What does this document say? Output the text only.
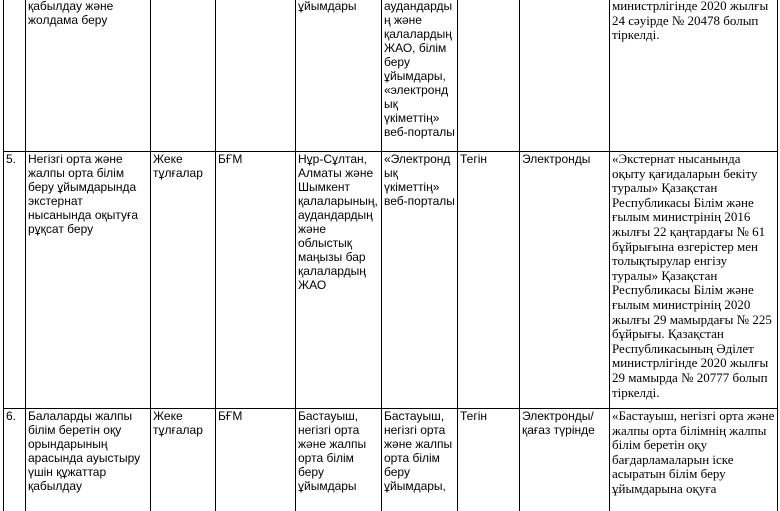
	қабылдау және жолдама беру			ұйымдары	аудандардың және қалалардың ЖАО, білім беру ұйымдары, «электрондық үкіметтің» веб-порталы			министрлігінде 2020 жылғы 24 сәуірде № 20478 болып тіркелді.
5.	Негізгі орта және жалпы орта білім беру ұйымдарында экстернат нысанында оқытуға рұқсат беру	Жеке тұлғалар	БҒМ	Нұр-Сұлтан, Алматы және Шымкент қалаларының, аудандардың және облыстық маңызы бар қалалардың ЖАО	«Электрондық үкіметтің» веб-порталы	Тегін	Электронды	«Экстернат нысанында оқыту қағидаларын бекіту туралы» Қазақстан Республикасы Білім және ғылым министрінің 2016 жылғы 22 қаңтардағы № 61 бұйрығына өзгерістер мен толықтырулар енгізу туралы» Қазақстан Республикасы Білім және ғылым министрінің 2020 жылғы 29 мамырдағы № 225 бұйрығы. Қазақстан Республикасының Әділет министрлігінде 2020 жылғы 29 мамырда № 20777 болып тіркелді.
6.	Балаларды жалпы білім беретін оқу орындарының арасында ауыстыру үшін құжаттар қабылдау	Жеке тұлғалар	БҒМ	Бастауыш, негізгі орта және жалпы орта білім беру ұйымдары	Бастауыш, негізгі орта және жалпы орта білім беру ұйымдары,	Тегін	Электронды/қағаз түрінде	«Бастауыш, негізгі орта және жалпы орта білімнің жалпы білім беретін оқу бағдарламаларын іске асыратын білім беру ұйымдарына оқуға
